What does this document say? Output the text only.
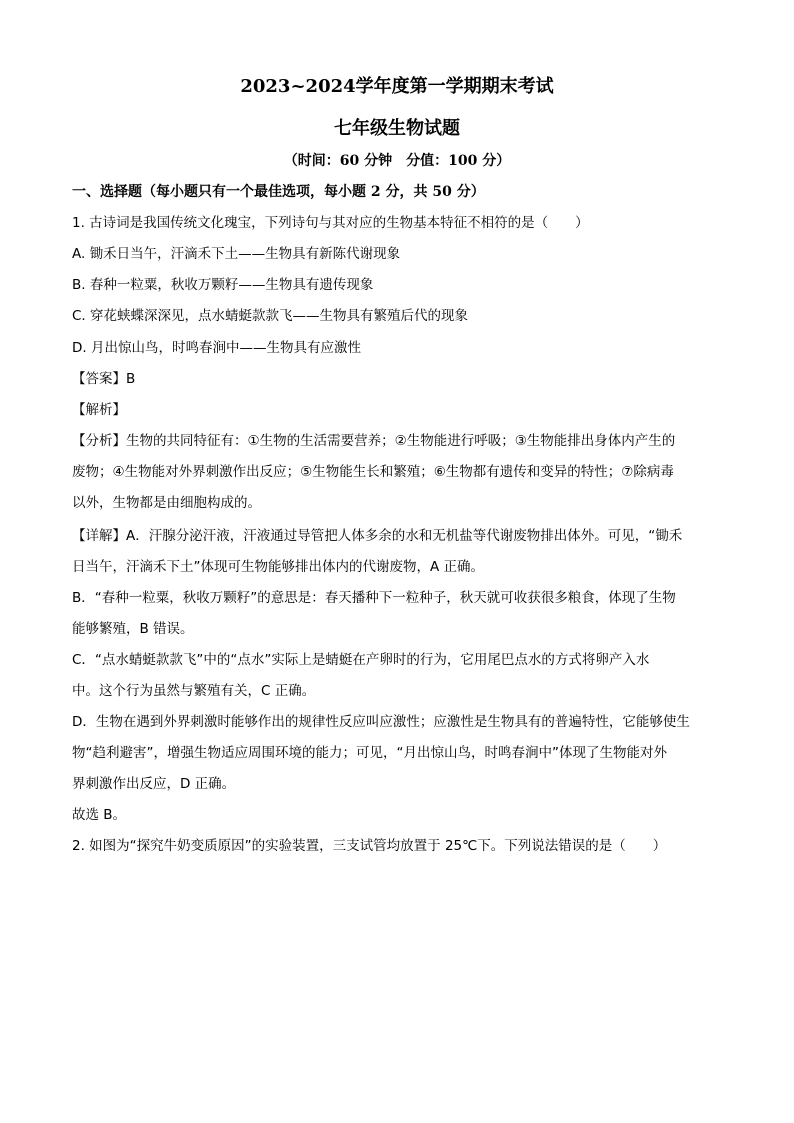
2023~2024学年度第一学期期末考试
七年级生物试题
（时间：60 分钟　分值：100 分）
一、选择题（每小题只有一个最佳选项，每小题 2 分，共 50 分）
1. 古诗词是我国传统文化瑰宝，下列诗句与其对应的生物基本特征不相符的是（　　）
A. 锄禾日当午，汗滴禾下土——生物具有新陈代谢现象
B. 春种一粒粟，秋收万颗籽——生物具有遗传现象
C. 穿花蛱蝶深深见，点水蜻蜓款款飞——生物具有繁殖后代的现象
D. 月出惊山鸟，时鸣春涧中——生物具有应激性
【答案】B
【解析】
【分析】生物的共同特征有：①生物的生活需要营养；②生物能进行呼吸；③生物能排出身体内产生的
废物；④生物能对外界刺激作出反应；⑤生物能生长和繁殖；⑥生物都有遗传和变异的特性；⑦除病毒
以外，生物都是由细胞构成的。
【详解】A．汗腺分泌汗液，汗液通过导管把人体多余的水和无机盐等代谢废物排出体外。可见，“锄禾
日当午，汗滴禾下土”体现可生物能够排出体内的代谢废物，A 正确。
B．“春种一粒粟，秋收万颗籽”的意思是：春天播种下一粒种子，秋天就可收获很多粮食，体现了生物
能够繁殖，B 错误。
C．“点水蜻蜓款款飞”中的“点水”实际上是蜻蜓在产卵时的行为，它用尾巴点水的方式将卵产入水
中。这个行为虽然与繁殖有关，C 正确。
D．生物在遇到外界刺激时能够作出的规律性反应叫应激性；应激性是生物具有的普遍特性，它能够使生
物“趋利避害”，增强生物适应周围环境的能力；可见，“月出惊山鸟，时鸣春涧中”体现了生物能对外
界刺激作出反应，D 正确。
故选 B。
2. 如图为“探究牛奶变质原因”的实验装置，三支试管均放置于 25℃下。下列说法错误的是（　　）
